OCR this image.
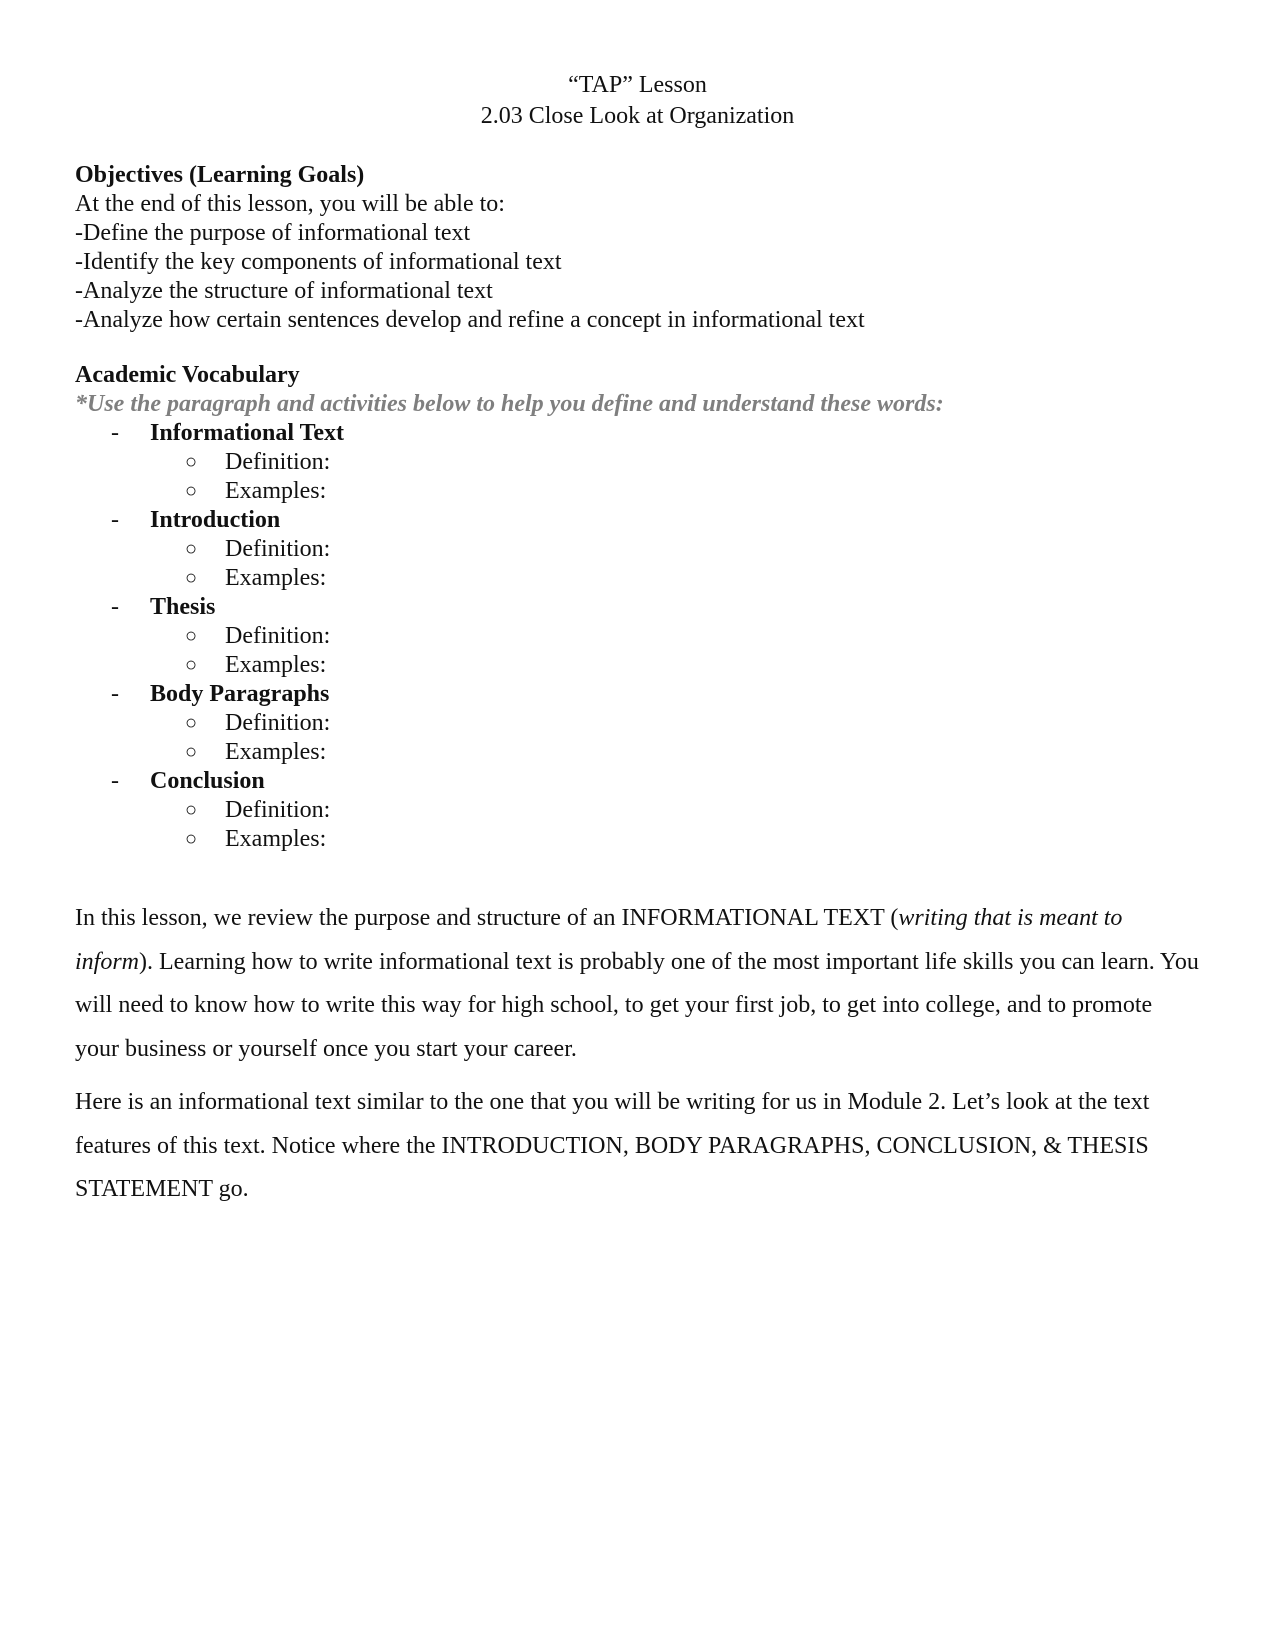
“TAP” Lesson
2.03 Close Look at Organization
Objectives (Learning Goals)
At the end of this lesson, you will be able to:
-Define the purpose of informational text
-Identify the key components of informational text
-Analyze the structure of informational text
-Analyze how certain sentences develop and refine a concept in informational text
Academic Vocabulary
*Use the paragraph and activities below to help you define and understand these words:
- Informational Text
○ Definition:
○ Examples:
- Introduction
○ Definition:
○ Examples:
- Thesis
○ Definition:
○ Examples:
- Body Paragraphs
○ Definition:
○ Examples:
- Conclusion
○ Definition:
○ Examples:

In this lesson, we review the purpose and structure of an INFORMATIONAL TEXT (writing that is meant to inform). Learning how to write informational text is probably one of the most important life skills you can learn. You will need to know how to write this way for high school, to get your first job, to get into college, and to promote your business or yourself once you start your career.

Here is an informational text similar to the one that you will be writing for us in Module 2. Let’s look at the text features of this text. Notice where the INTRODUCTION, BODY PARAGRAPHS, CONCLUSION, & THESIS STATEMENT go.
